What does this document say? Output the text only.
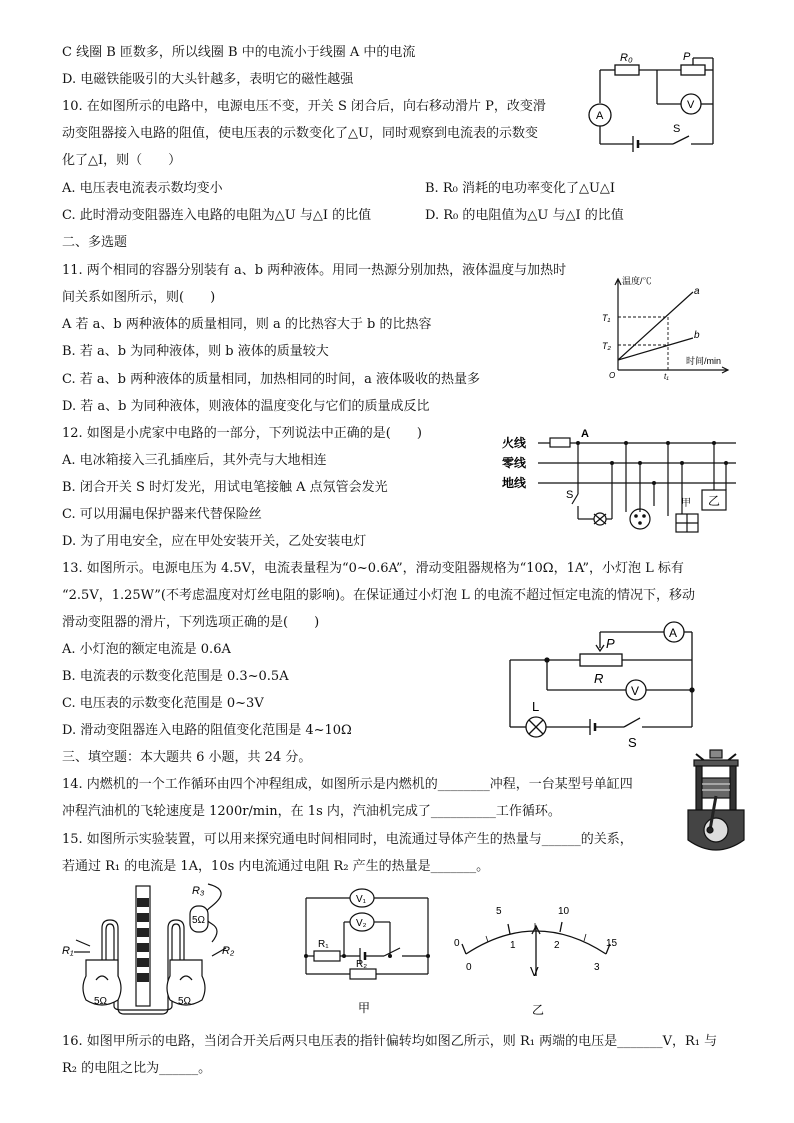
C 线圈 B 匝数多，所以线圈 B 中的电流小于线圈 A 中的电流
D. 电磁铁能吸引的大头针越多，表明它的磁性越强
10. 在如图所示的电路中，电源电压不变，开关 S 闭合后，向右移动滑片 P，改变滑
动变阻器接入电路的阻值，使电压表的示数变化了△U，同时观察到电流表的示数变
化了△I，则（　　）
A. 电压表电流表示数均变小	B. R₀ 消耗的电功率变化了△U△I
C. 此时滑动变阻器连入电路的电阻为△U 与△I 的比值	D. R₀ 的电阻值为△U 与△I 的比值
R₀	P
A
V
S
二、多选题
11. 两个相同的容器分别装有 a、b 两种液体。用同一热源分别加热，液体温度与加热时
间关系如图所示，则(　　)
A 若 a、b 两种液体的质量相同，则 a 的比热容大于 b 的比热容
B. 若 a、b 为同种液体，则 b 液体的质量较大
C. 若 a、b 两种液体的质量相同，加热相同的时间，a 液体吸收的热量多
D. 若 a、b 为同种液体，则液体的温度变化与它们的质量成反比
温度/℃
时间/min
a
b
T₁
T₂
t₁
O
12. 如图是小虎家中电路的一部分，下列说法中正确的是(　　)
A. 电冰箱接入三孔插座后，其外壳与大地相连
B. 闭合开关 S 时灯发光，用试电笔接触 A 点氖管会发光
C. 可以用漏电保护器来代替保险丝
D. 为了用电安全，应在甲处安装开关，乙处安装电灯
火线
零线
地线
A
S
甲 乙
13. 如图所示。电源电压为 4.5V，电流表量程为“0~0.6A”，滑动变阻器规格为“10Ω，1A”，小灯泡 L 标有
“2.5V，1.25W”(不考虑温度对灯丝电阻的影响)。在保证通过小灯泡 L 的电流不超过恒定电流的情况下，移动
滑动变阻器的滑片，下列选项正确的是(　　)
A. 小灯泡的额定电流是 0.6A
B. 电流表的示数变化范围是 0.3~0.5A
C. 电压表的示数变化范围是 0~3V
D. 滑动变阻器连入电路的阻值变化范围是 4~10Ω
P
R
A
V
L
S
三、填空题：本大题共 6 小题，共 24 分。
14. 内燃机的一个工作循环由四个冲程组成，如图所示是内燃机的________冲程，一台某型号单缸四
冲程汽油机的飞轮速度是 1200r/min，在 1s 内，汽油机完成了__________工作循环。
15. 如图所示实验装置，可以用来探究通电时间相同时，电流通过导体产生的热量与______的关系，
若通过 R₁ 的电流是 1A，10s 内电流通过电阻 R₂ 产生的热量是_______。
R₁	R₂
R₃
5Ω	5Ω
5Ω
V₁
V₂
R₁
R₂
甲
0
5	10
15
0
1	2
3
V
乙
16. 如图甲所示的电路，当闭合开关后两只电压表的指针偏转均如图乙所示，则 R₁ 两端的电压是_______V，R₁ 与
R₂ 的电阻之比为______。
